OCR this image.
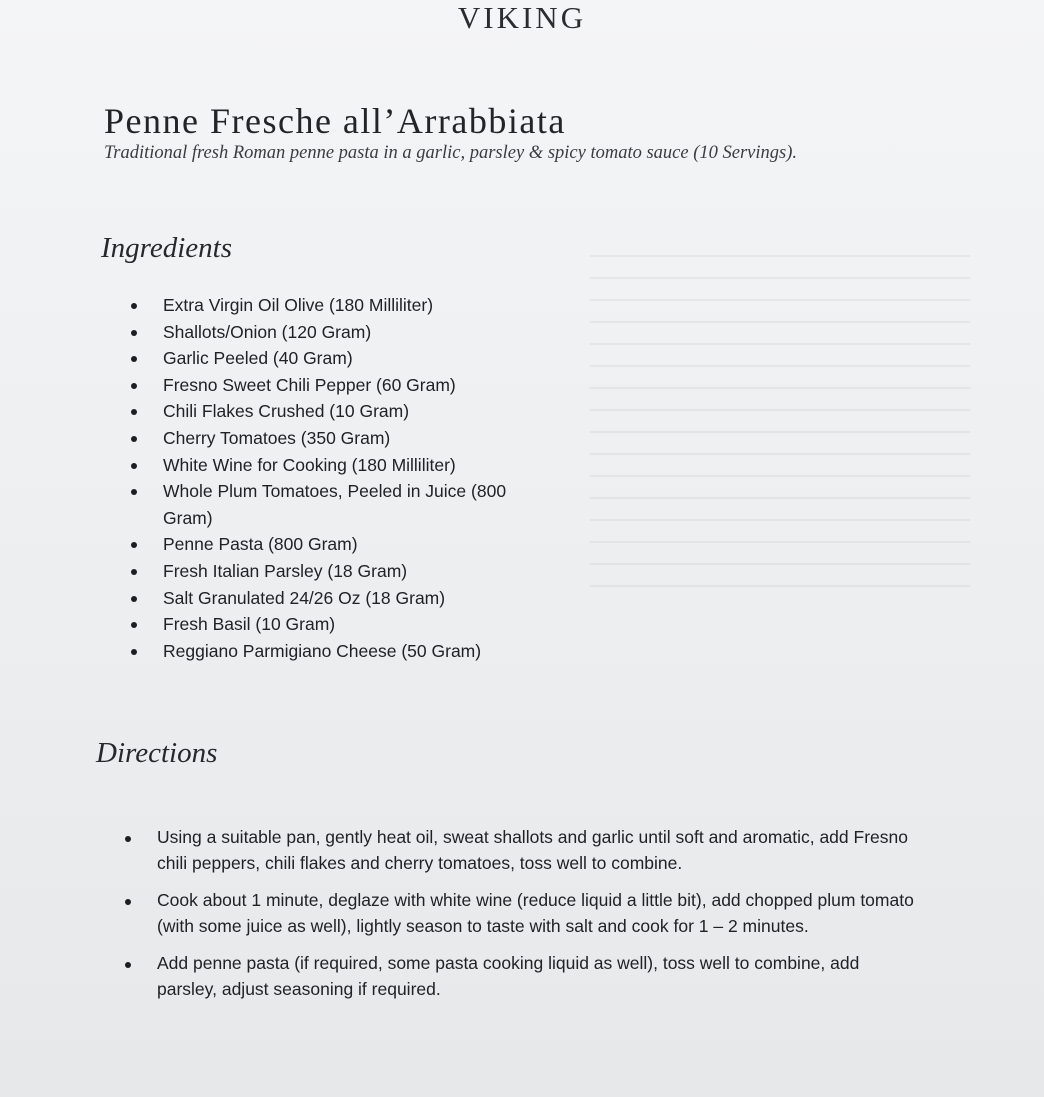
VIKING
Penne Fresche all’Arrabbiata
Traditional fresh Roman penne pasta in a garlic, parsley & spicy tomato sauce (10 Servings).
Ingredients
Extra Virgin Oil Olive (180 Milliliter)
Shallots/Onion (120 Gram)
Garlic Peeled (40 Gram)
Fresno Sweet Chili Pepper (60 Gram)
Chili Flakes Crushed (10 Gram)
Cherry Tomatoes (350 Gram)
White Wine for Cooking (180 Milliliter)
Whole Plum Tomatoes, Peeled in Juice (800 Gram)
Penne Pasta (800 Gram)
Fresh Italian Parsley (18 Gram)
Salt Granulated 24/26 Oz (18 Gram)
Fresh Basil (10 Gram)
Reggiano Parmigiano Cheese (50 Gram)
Directions
Using a suitable pan, gently heat oil, sweat shallots and garlic until soft and aromatic, add Fresno chili peppers, chili flakes and cherry tomatoes, toss well to combine.
Cook about 1 minute, deglaze with white wine (reduce liquid a little bit), add chopped plum tomato (with some juice as well), lightly season to taste with salt and cook for 1 – 2 minutes.
Add penne pasta (if required, some pasta cooking liquid as well), toss well to combine, add parsley, adjust seasoning if required.
